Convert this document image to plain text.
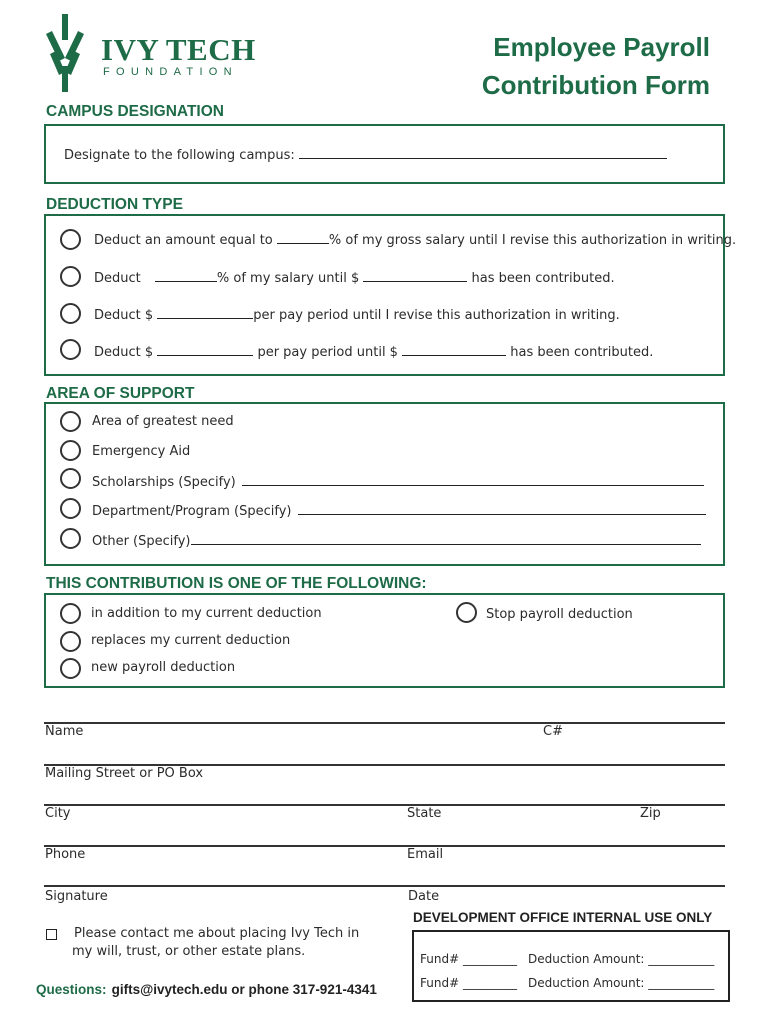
IVY TECH
FOUNDATION
Employee Payroll
Contribution Form
CAMPUS DESIGNATION
Designate to the following campus:
DEDUCTION TYPE
Deduct an amount equal to	% of my gross salary until I revise this authorization in writing.
Deduct	% of my salary until $	has been contributed.
Deduct $	per pay period until I revise this authorization in writing.
Deduct $	per pay period until $	has been contributed.
AREA OF SUPPORT
Area of greatest need
Emergency Aid
Scholarships (Specify)
Department/Program (Specify)
Other (Specify)
THIS CONTRIBUTION IS ONE OF THE FOLLOWING:
in addition to my current deduction	Stop payroll deduction
replaces my current deduction
new payroll deduction
Name	C#
Mailing Street or PO Box
City	State	Zip
Phone	Email
Signature	Date
Please contact me about placing Ivy Tech in
my will, trust, or other estate plans.
Questions: gifts@ivytech.edu or phone 317-921-4341
DEVELOPMENT OFFICE INTERNAL USE ONLY
Fund# _________ Deduction Amount: ___________
Fund# _________ Deduction Amount: ___________
